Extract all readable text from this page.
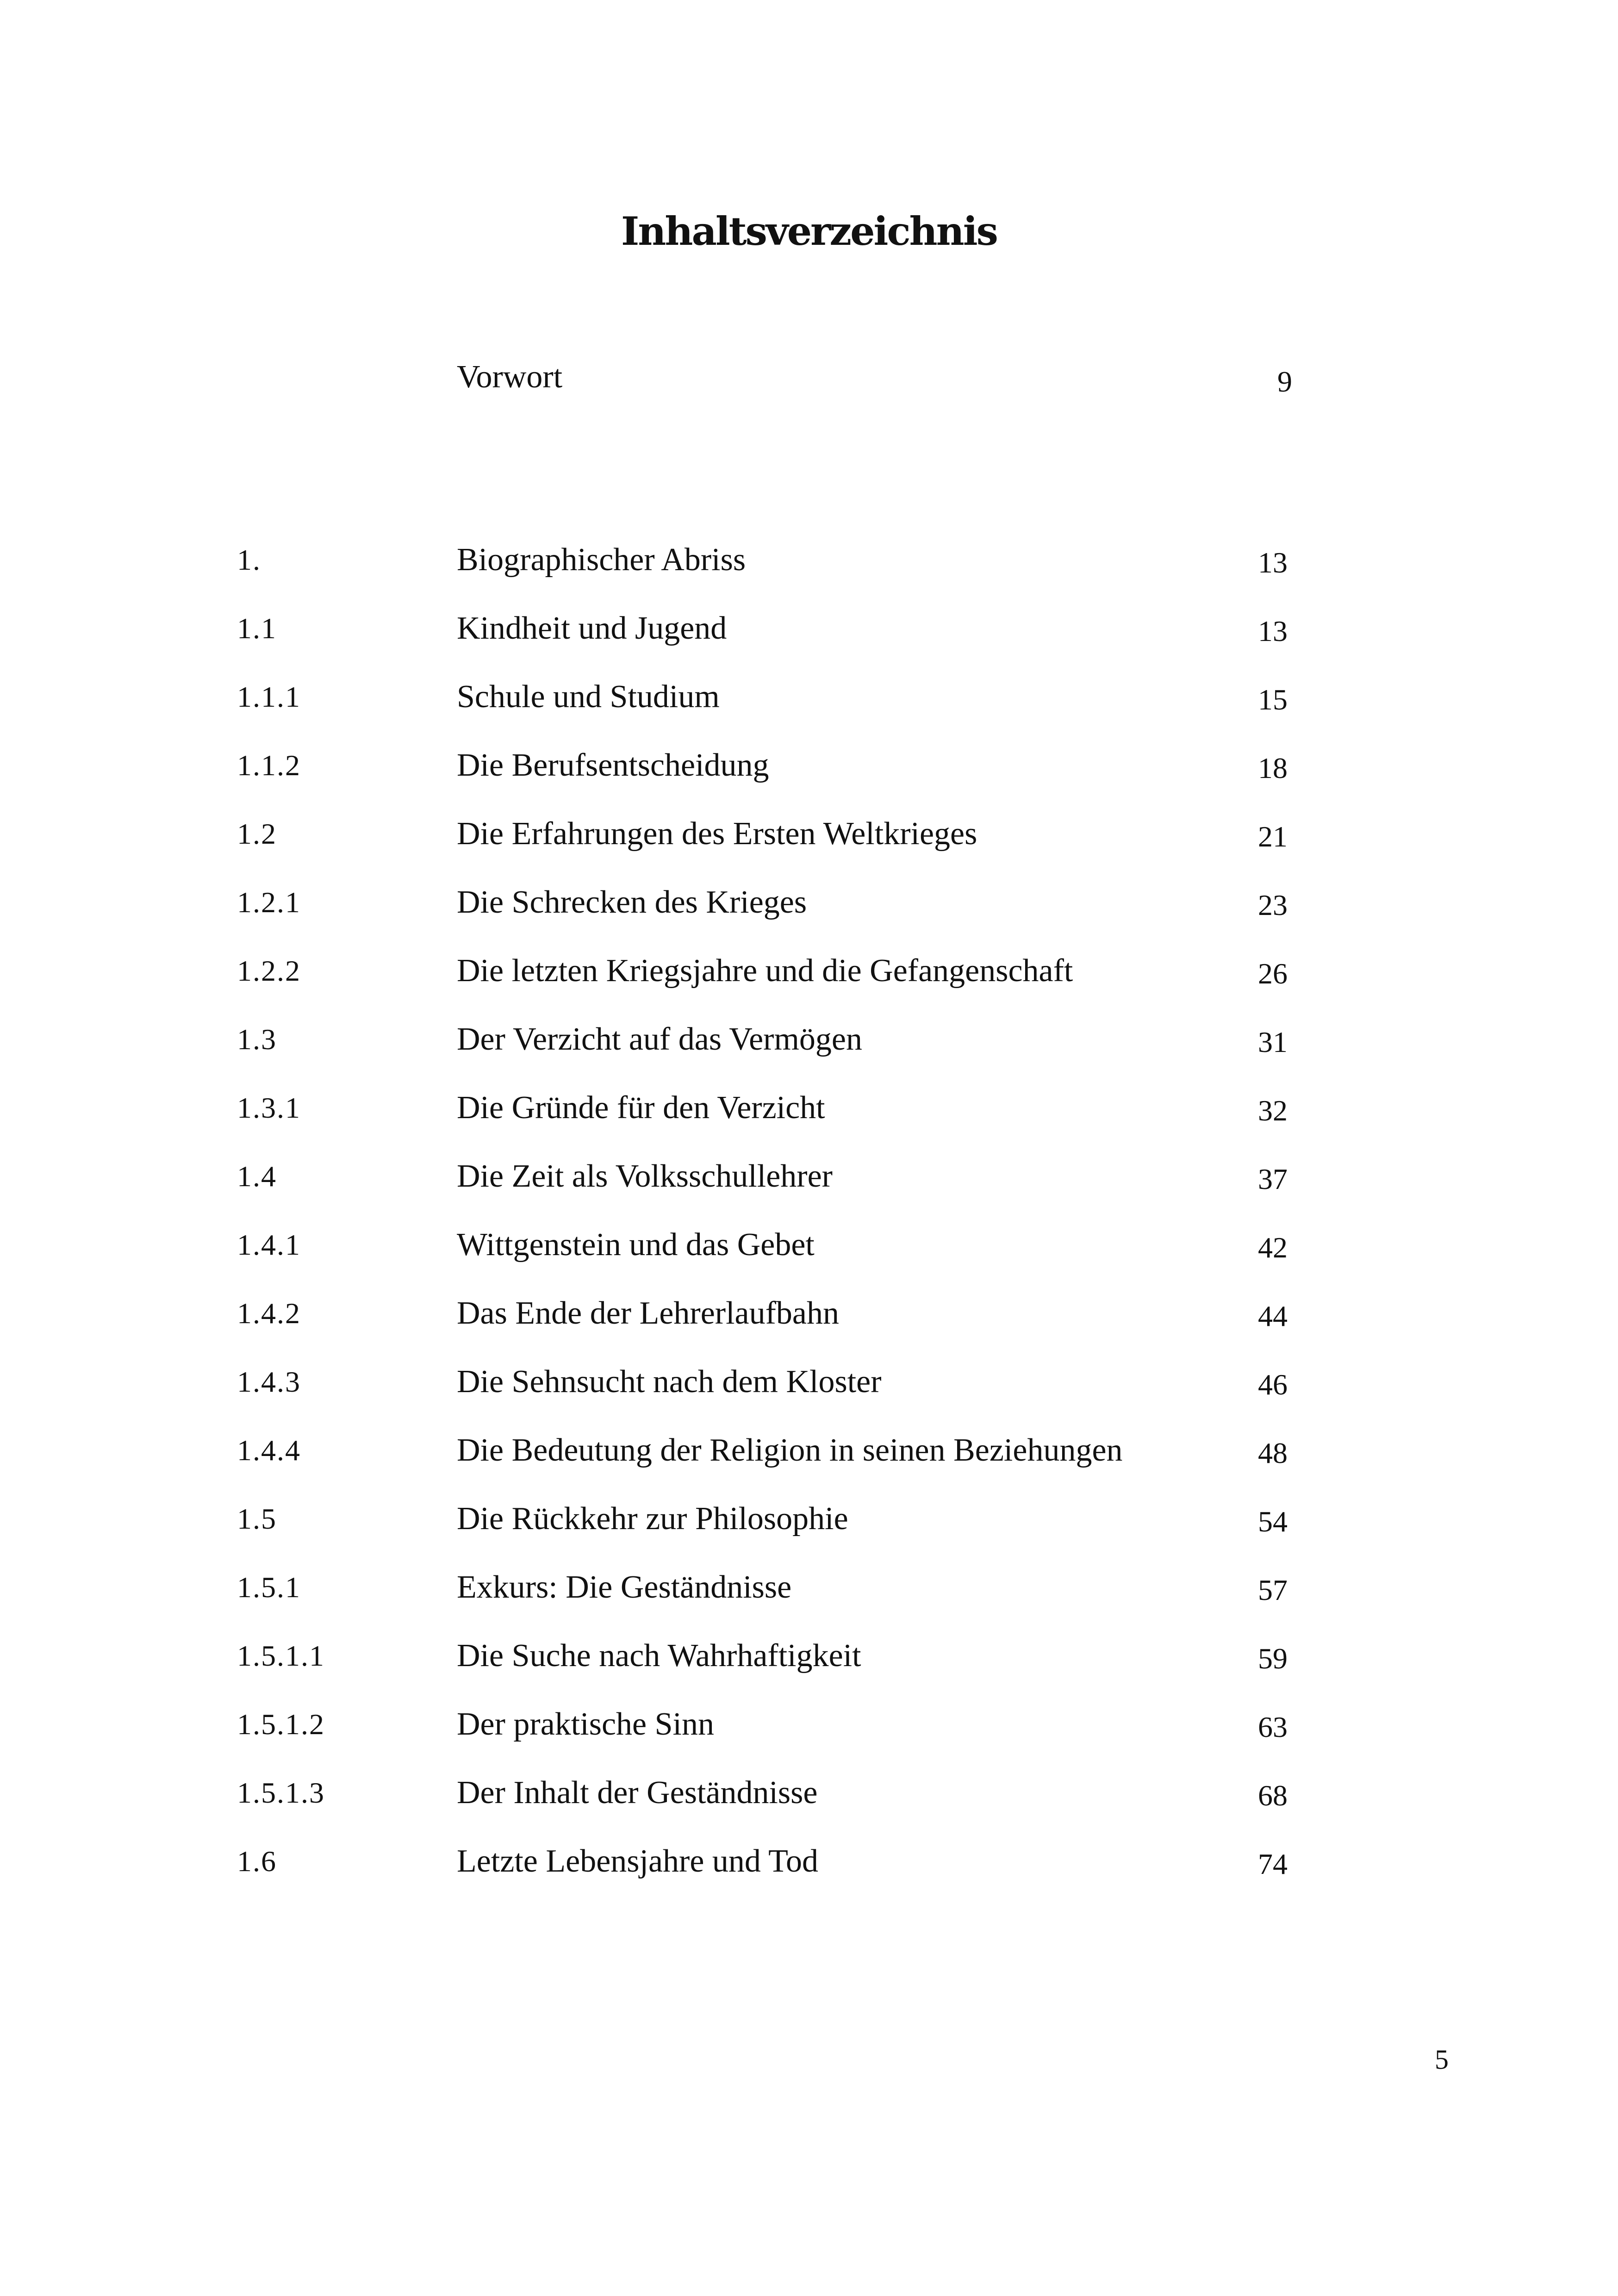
Inhaltsverzeichnis
Vorwort	9
1.	Biographischer Abriss	13
1.1	Kindheit und Jugend	13
1.1.1	Schule und Studium	15
1.1.2	Die Berufsentscheidung	18
1.2	Die Erfahrungen des Ersten Weltkrieges	21
1.2.1	Die Schrecken des Krieges	23
1.2.2	Die letzten Kriegsjahre und die Gefangenschaft	26
1.3	Der Verzicht auf das Vermögen	31
1.3.1	Die Gründe für den Verzicht	32
1.4	Die Zeit als Volksschullehrer	37
1.4.1	Wittgenstein und das Gebet	42
1.4.2	Das Ende der Lehrerlaufbahn	44
1.4.3	Die Sehnsucht nach dem Kloster	46
1.4.4	Die Bedeutung der Religion in seinen Beziehungen	48
1.5	Die Rückkehr zur Philosophie	54
1.5.1	Exkurs: Die Geständnisse	57
1.5.1.1	Die Suche nach Wahrhaftigkeit	59
1.5.1.2	Der praktische Sinn	63
1.5.1.3	Der Inhalt der Geständnisse	68
1.6	Letzte Lebensjahre und Tod	74
5
